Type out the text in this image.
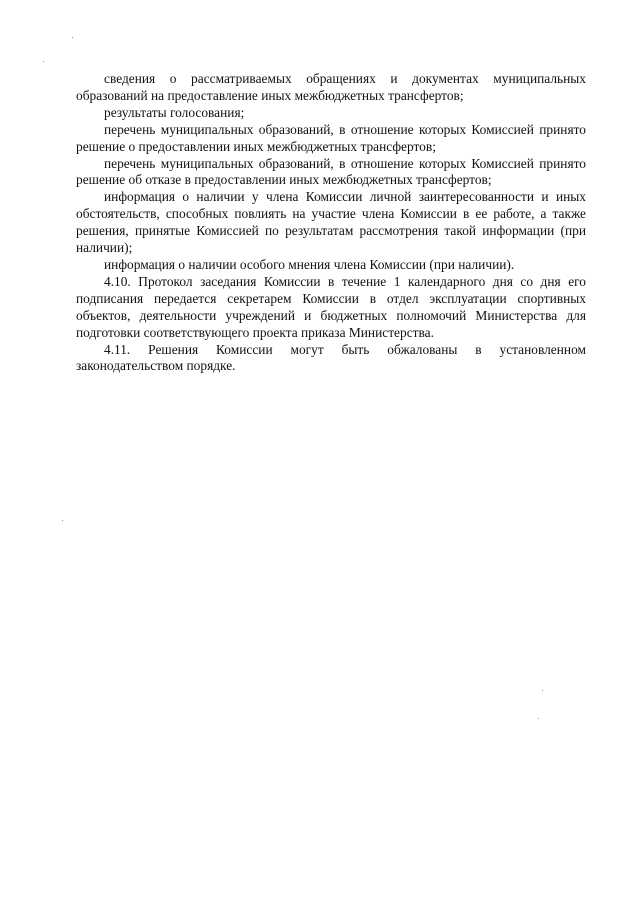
сведения о рассматриваемых обращениях и документах муниципальных образований на предоставление иных межбюджетных трансфертов;

результаты голосования;

перечень муниципальных образований, в отношение которых Комиссией принято решение о предоставлении иных межбюджетных трансфертов;

перечень муниципальных образований, в отношение которых Комиссией принято решение об отказе в предоставлении иных межбюджетных трансфертов;

информация о наличии у члена Комиссии личной заинтересованности и иных обстоятельств, способных повлиять на участие члена Комиссии в ее работе, а также решения, принятые Комиссией по результатам рассмотрения такой информации (при наличии);

информация о наличии особого мнения члена Комиссии (при наличии).

4.10. Протокол заседания Комиссии в течение 1 календарного дня со дня его подписания передается секретарем Комиссии в отдел эксплуатации спортивных объектов, деятельности учреждений и бюджетных полномочий Министерства для подготовки соответствующего проекта приказа Министерства.

4.11. Решения Комиссии могут быть обжалованы в установленном законодательством порядке.
